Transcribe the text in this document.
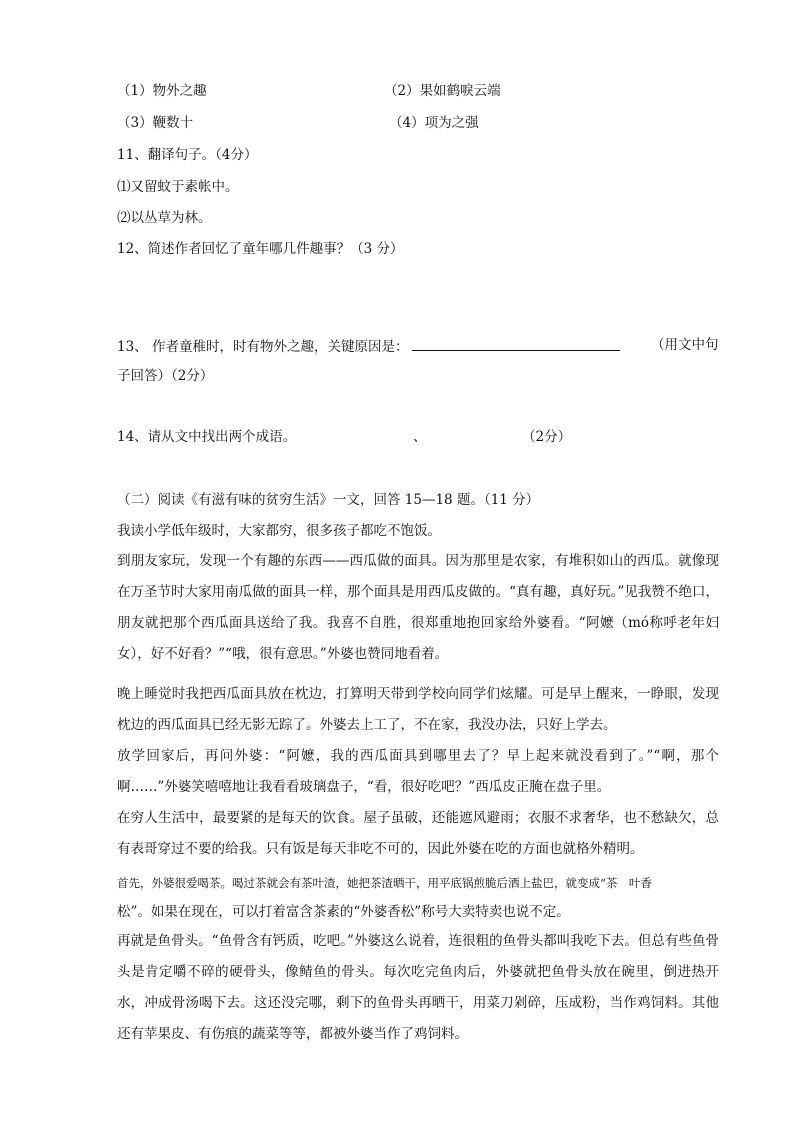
（1）物外之趣	（2）果如鹤唳云端
（3）鞭数十	（4）项为之强
11、翻译句子。（4分）
⑴又留蚊于素帐中。
⑵以丛草为林。
12、简述作者回忆了童年哪几件趣事？（3 分）
13、 作者童稚时，时有物外之趣，关键原因是：	（用文中句
子回答）（2分）
14、请从文中找出两个成语。	、	（2分）
（二）阅读《有滋有味的贫穷生活》一文，回答 15—18 题。（11 分）
我读小学低年级时，大家都穷，很多孩子都吃不饱饭。
到朋友家玩，发现一个有趣的东西——西瓜做的面具。因为那里是农家，有堆积如山的西瓜。就像现在万圣节时大家用南瓜做的面具一样，那个面具是用西瓜皮做的。“真有趣，真好玩。”见我赞不绝口，朋友就把那个西瓜面具送给了我。我喜不自胜，很郑重地抱回家给外婆看。“阿嬷（mó称呼老年妇女），好不好看？”“哦，很有意思。”外婆也赞同地看着。
晚上睡觉时我把西瓜面具放在枕边，打算明天带到学校向同学们炫耀。可是早上醒来，一睁眼，发现枕边的西瓜面具已经无影无踪了。外婆去上工了，不在家，我没办法，只好上学去。
放学回家后，再问外婆：“阿嬷，我的西瓜面具到哪里去了？早上起来就没看到了。”“啊，那个啊……”外婆笑嘻嘻地让我看看玻璃盘子，“看，很好吃吧？”西瓜皮正腌在盘子里。
在穷人生活中，最要紧的是每天的饮食。屋子虽破，还能遮风避雨；衣服不求奢华，也不愁缺欠，总有表哥穿过不要的给我。只有饭是每天非吃不可的，因此外婆在吃的方面也就格外精明。
首先，外婆很爱喝茶。喝过茶就会有茶叶渣，她把茶渣晒干，用平底锅煎脆后洒上盐巴，就变成“茶　叶香
松”。如果在现在，可以打着富含茶素的“外婆香松”称号大卖特卖也说不定。
再就是鱼骨头。“鱼骨含有钙质，吃吧。”外婆这么说着，连很粗的鱼骨头都叫我吃下去。但总有些鱼骨头是肯定嚼不碎的硬骨头，像鲭鱼的骨头。每次吃完鱼肉后，外婆就把鱼骨头放在碗里，倒进热开水，冲成骨汤喝下去。这还没完哪，剩下的鱼骨头再晒干，用菜刀剁碎，压成粉，当作鸡饲料。其他还有苹果皮、有伤痕的蔬菜等等，都被外婆当作了鸡饲料。
